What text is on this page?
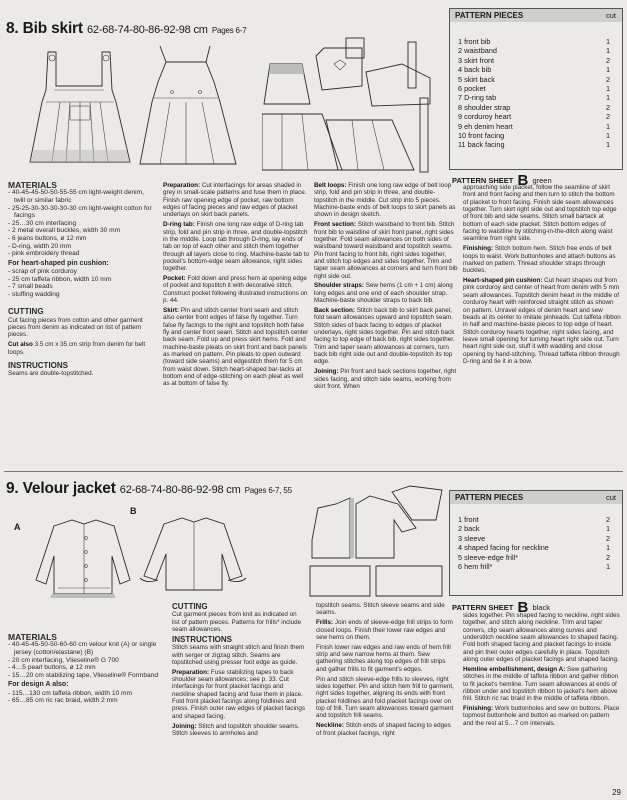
8. Bib skirt 62-68-74-80-86-92-98 cm Pages 6-7
PATTERN PIECES	cut
1 front bib	1
2 waistband	1
3 skirt front	2
4 back bib	1
5 skirt back	2
6 pocket	1
7 D-ring tab	1
8 shoulder strap	2
9 corduroy heart	2
9 eh denim heart	1
10 front facing	1
11 back facing	1
PATTERN SHEET B green
MATERIALS
- 40-45-45-50-50-55-55 cm light-weight denim, twill or similar fabric
- 25-25-30-30-30-30-30 cm light-weight cotton for facings
- 25…30 cm interfacing
- 2 metal overall buckles, width 30 mm
- 6 jeans buttons, ø 12 mm
- D-ring, width 20 mm
- pink embroidery thread
For heart-shaped pin cushion:
- scrap of pink corduroy
- 25 cm taffeta ribbon, width 10 mm
- 7 small beads
- stuffing wadding
CUTTING

Cut facing pieces from cotton and other garment pieces from denim as indicated on list of pattern pieces.

Cut also 3.5 cm x 35 cm strip from denim for belt loops.

INSTRUCTIONS

Seams are double-topstitched.

Preparation: Cut interfacings for areas shaded in grey in small-scale patterns and fuse them in place. Finish raw opening edge of pocket, raw bottom edges of facing pieces and raw edges of placket underlays on skirt back panels.

D-ring tab: Finish one long raw edge of D-ring tab strip, fold and pin strip in three, and double-topstitch in the middle. Loop tab through D-ring, lay ends of tab on top of each other and stitch them together through all layers close to ring. Machine-baste tab to pocket's bottom-edge seam allowance, right sides together.

Pocket: Fold down and press hem at opening edge of pocket and topstitch it with decorative stitch. Construct pocket following illustrated instructions on p. 44.

Skirt: Pin and stitch center front seam and stitch also center front edges of false fly together. Turn false fly facings to the right and topstitch both false fly and center front seam. Stitch and topstitch center back seam. Fold up and press skirt hems. Fold and machine-baste pleats on skirt front and back panels as marked on pattern. Pin pleats to open outward (toward side seams) and edgestitch them for 5 cm from waist down. Stitch heart-shaped bar-tacks at bottom end of edge-stitching on each pleat as well as at bottom of false fly.

Belt loops: Finish one long raw edge of belt loop strip, fold and pin strip in three, and double-topstitch in the middle. Cut strip into 5 pieces. Machine-baste ends of belt loops to skirt panels as shown in design sketch.

Front section: Stitch waistband to front bib. Stitch front bib to waistline of skirt front panel, right sides together. Fold seam allowances on both sides of waistband toward waistband and topstitch seams. Pin front facing to front bib, right sides together, and stitch top edges and sides together. Trim and taper seam allowances at corners and turn front bib right side out.

Shoulder straps: Sew hems (1 cm + 1 cm) along long edges and one end of each shoulder strap. Machine-baste shoulder straps to back bib.

Back section: Stitch back bib to skirt back panel, fold seam allowances upward and topstitch seam. Stitch sides of back facing to edges of placket underlays, right sides together. Pin and stitch back facing to top edge of back bib, right sides together. Trim and taper seam allowances at corners, turn back bib right side out and double-topstitch its top edge.

Joining: Pin front and back sections together, right sides facing, and stitch side seams, working from skirt front. When

approaching side placket, follow the seamline of skirt front and front facing and then turn to stitch the bottom of placket to front facing. Finish side seam allowances together. Turn skirt right side out and topstitch top edge of front bib and side seams. Stitch small bartack at bottom of each side placket. Stitch bottom edges of facing to waistline by stitching-in-the-ditch along waist seamline from right side.

Finishing: Stitch bottom hem. Stitch free ends of belt loops to waist. Work buttonholes and attach buttons as marked on pattern. Thread shoulder straps through buckles.

Heart-shaped pin cushion: Cut heart shapes out from pink corduroy and center of heart from denim with 5 mm seam allowances. Topstitch denim heart in the middle of corduroy heart with reinforced straight stitch as shown on pattern. Unravel edges of denim heart and sew beads at its center to imitate pinheads. Cut taffeta ribbon in half and machine-baste pieces to top edge of heart. Stitch corduroy hearts together, right sides facing, and leave small opening for turning heart right side out. Turn heart right side out, stuff it with wadding and close opening by hand-stitching. Thread taffeta ribbon through D-ring and tie it in a bow.

9. Velour jacket 62-68-74-80-86-92-98 cm Pages 6-7, 55
A
B
PATTERN PIECES	cut
1 front	2
2 back	1
3 sleeve	2
4 shaped facing for neckline	1
5 sleeve-edge frill*	2
6 hem frill*	1
PATTERN SHEET B black
MATERIALS
- 40-45-45-50-50-60-60 cm velour knit (A) or single jersey (cotton/elastane) (B)
- 20 cm interfacing, Vlieseline® G 700
- 4…5 pearl buttons, ø 12 mm
- 15…20 cm stabilizing tape, Vlieseline® Formband
For design A also:
- 115…130 cm taffeta ribbon, width 10 mm
- 65…85 cm ric rac braid, width 2 mm
CUTTING

Cut garment pieces from knit as indicated on list of pattern pieces. Patterns for frills* include seam allowances.

INSTRUCTIONS

Stitch seams with straight stitch and finish them with serger or zigzag stitch. Seams are topstitched using presser foot edge as guide.

Preparation: Fuse stabilizing tapes to back shoulder seam allowances; see p. 33. Cut interfacings for front placket facings and neckline shaped facing and fuse them in place. Fold front placket facings along foldlines and press. Finish outer raw edges of placket facings and shaped facing.

Joining: Stitch and topstitch shoulder seams. Stitch sleeves to armholes and

topstitch seams. Stitch sleeve seams and side seams.

Frills: Join ends of sleeve-edge frill strips to form closed loops. Finish their lower raw edges and sew hems on them.

Finish lower raw edges and raw ends of hem frill strip and sew narrow hems at them. Sew gathering stitches along top edges of frill strips and gather frills to fit garment's edges.

Pin and stitch sleeve-edge frills to sleeves, right sides together. Pin and stitch hem frill to garment, right sides together, aligning its ends with front placket foldlines and fold placket facings over on top of frill. Turn seam allowances toward garment and topstitch frill seams.

Neckline: Stitch ends of shaped facing to edges of front placket facings, right

sides together. Pin shaped facing to neckline, right sides together, and stitch along neckline. Trim and taper corners, clip seam allowances along curves and understitch neckline seam allowances to shaped facing. Fold both shaped facing and placket facings to inside and pin their outer edges carefully in place. Topstitch along outer edges of placket facings and shaped facing.

Hemline embellishment, design A: Sew gathering stitches in the middle of taffeta ribbon and gather ribbon to fit jacket's hemline. Turn seam allowances at ends of ribbon under and topstitch ribbon to jacket's hem above frill. Stitch ric rac braid in the middle of taffeta ribbon.

Finishing: Work buttonholes and sew on buttons. Place topmost buttonhole and button as marked on pattern and the rest at 5…7 cm intervals.

29
